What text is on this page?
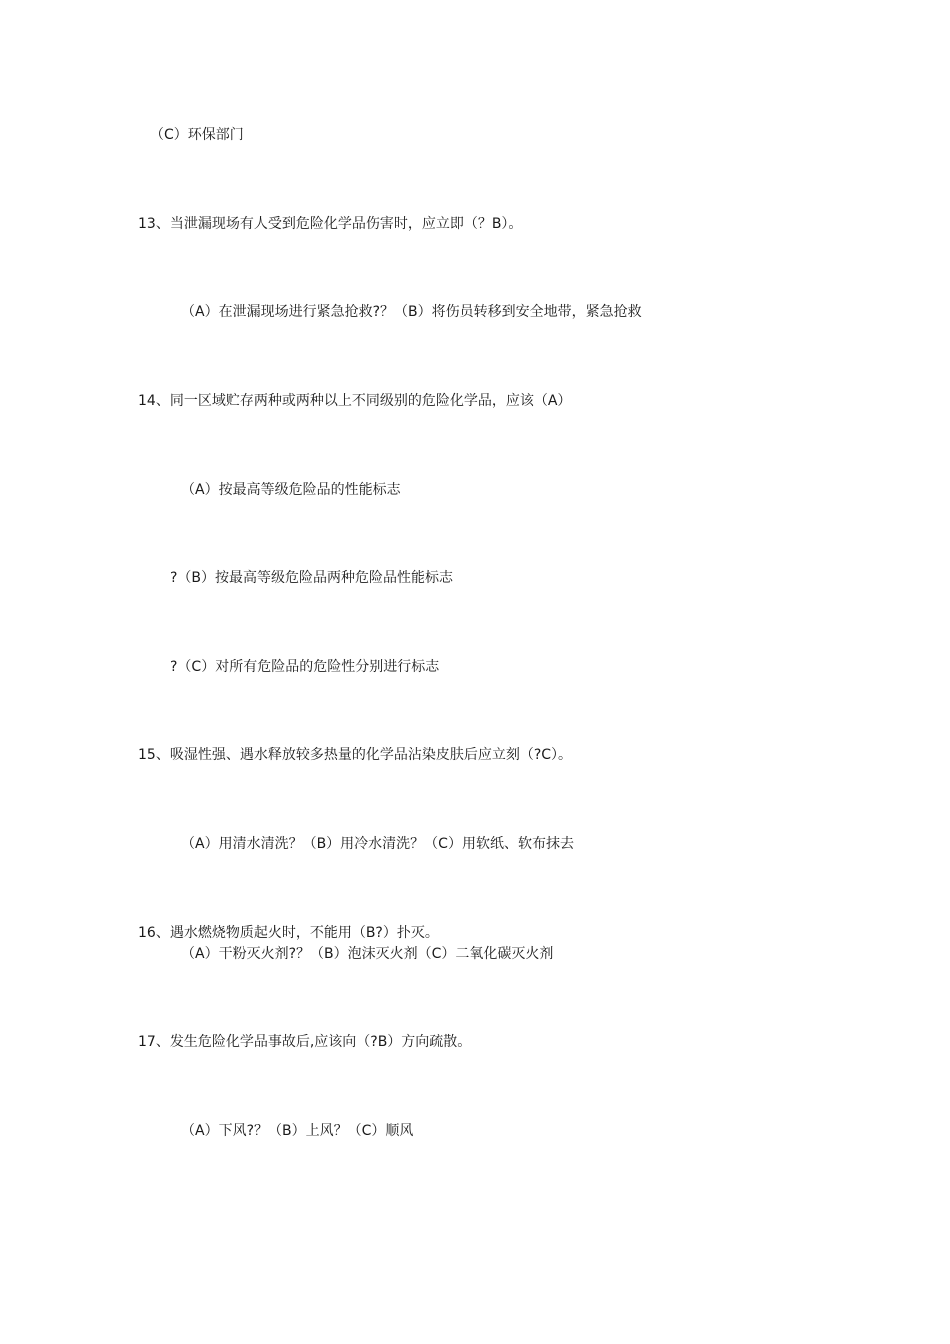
（C）环保部门
13、当泄漏现场有人受到危险化学品伤害时，应立即（？B）。
（A）在泄漏现场进行紧急抢救?？（B）将伤员转移到安全地带，紧急抢救
14、同一区域贮存两种或两种以上不同级别的危险化学品，应该（A）
（A）按最高等级危险品的性能标志
?（B）按最高等级危险品两种危险品性能标志
?（C）对所有危险品的危险性分别进行标志
15、吸湿性强、遇水释放较多热量的化学品沾染皮肤后应立刻（?C）。
（A）用清水清洗？（B）用冷水清洗？（C）用软纸、软布抹去
16、遇水燃烧物质起火时，不能用（B?）扑灭。
（A）干粉灭火剂?？（B）泡沫灭火剂（C）二氧化碳灭火剂
17、发生危险化学品事故后,应该向（?B）方向疏散。
（A）下风?？（B）上风？（C）顺风
